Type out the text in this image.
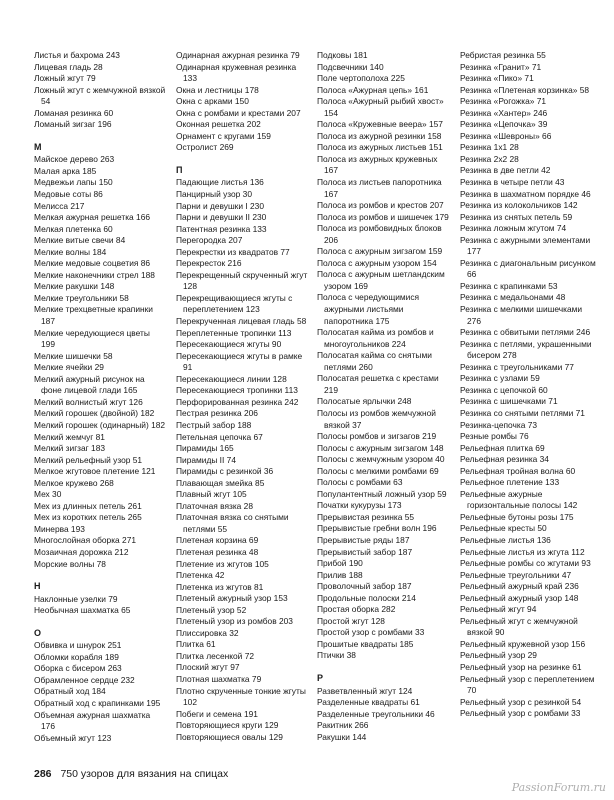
Листья и бахрома 243
Лицевая гладь 28
Ложный жгут 79
Ложный жгут с жемчужной вязкой 54
Ломаная резинка 60
Ломаный зигзаг 196
М
Майское дерево 263
Малая арка 185
Медвежьи лапы 150
Медовые соты 86
Мелисса 217
Мелкая ажурная решетка 166
Мелкая плетенка 60
Мелкие витые свечи 84
Мелкие волны 184
Мелкие медовые соцветия 86
Мелкие наконечники стрел 188
Мелкие ракушки 148
Мелкие треугольники 58
Мелкие трехцветные крапинки 187
Мелкие чередующиеся цветы 199
Мелкие шишечки 58
Мелкие ячейки 29
Мелкий ажурный рисунок на фоне лицевой глади 165
Мелкий волнистый жгут 126
Мелкий горошек (двойной) 182
Мелкий горошек (одинарный) 182
Мелкий жемчуг 81
Мелкий зигзаг 183
Мелкий рельефный узор 51
Мелкое жгутовое плетение 121
Мелкое кружево 268
Мех 30
Мех из длинных петель 261
Мех из коротких петель 265
Минерва 193
Многослойная оборка 271
Мозаичная дорожка 212
Морские волны 78
Н
Наклонные узелки 79
Необычная шахматка 65
О
Обвивка и шнурок 251
Обломки корабля 189
Оборка с бисером 263
Обрамленное сердце 232
Обратный ход 184
Обратный ход с крапинками 195
Объемная ажурная шахматка 176
Объемный жгут 123
Одинарная ажурная резинка 79
Одинарная кружевная резинка 133
Окна и лестницы 178
Окна с арками 150
Окна с ромбами и крестами 207
Оконная решетка 202
Орнамент с кругами 159
Остролист 269
П
Падающие листья 136
Панцирный узор 30
Парни и девушки I 230
Парни и девушки II 230
Патентная резинка 133
Перегородка 207
Перекрестки из квадратов 77
Перекресток 216
Перекрещенный скрученный жгут 128
Перекрещивающиеся жгуты с переплетением 123
Перекрученная лицевая гладь 58
Переплетенные тропинки 113
Пересекающиеся жгуты 90
Пересекающиеся жгуты в рамке 91
Пересекающиеся линии 128
Пересекающиеся тропинки 113
Перфорированная резинка 242
Пестрая резинка 206
Пестрый забор 188
Петельная цепочка 67
Пирамиды 165
Пирамиды II 74
Пирамиды с резинкой 36
Плавающая змейка 85
Плавный жгут 105
Платочная вязка 28
Платочная вязка со снятыми петлями 55
Плетеная корзина 69
Плетеная резинка 48
Плетение из жгутов 105
Плетенка 42
Плетенка из жгутов 81
Плетеный ажурный узор 153
Плетеный узор 52
Плетеный узор из ромбов 203
Плиссировка 32
Плитка 61
Плитка лесенкой 72
Плоский жгут 97
Плотная шахматка 79
Плотно скрученные тонкие жгуты 102
Побеги и семена 191
Повторяющиеся круги 129
Повторяющиеся овалы 129
Подковы 181
Подсвечники 140
Поле чертополоха 225
Полоса «Ажурная цепь» 161
Полоса «Ажурный рыбий хвост» 154
Полоса «Кружевные веера» 157
Полоса из ажурной резинки 158
Полоса из ажурных листьев 151
Полоса из ажурных кружевных 167
Полоса из листьев папоротника 167
Полоса из ромбов и крестов 207
Полоса из ромбов и шишечек 179
Полоса из ромбовидных блоков 206
Полоса с ажурным зигзагом 159
Полоса с ажурным узором 154
Полоса с ажурным шетландским узором 169
Полоса с чередующимися ажурными листьями папоротника 175
Полосатая кайма из ромбов и многоугольников 224
Полосатая кайма со снятыми петлями 260
Полосатая решетка с крестами 219
Полосатые ярлычки 248
Полосы из ромбов жемчужной вязкой 37
Полосы ромбов и зигзагов 219
Полосы с ажурным зигзагом 148
Полосы с жемчужным узором 40
Полосы с мелкими ромбами 69
Полосы с ромбами 63
Популантентный ложный узор 59
Початки кукурузы 173
Прерывистая резинка 55
Прерывистые гребни волн 196
Прерывистые ряды 187
Прерывистый забор 187
Прибой 190
Прилив 188
Проволочный забор 187
Продольные полоски 214
Простая оборка 282
Простой жгут 128
Простой узор с ромбами 33
Прошитые квадраты 185
Птички 38
Р
Разветвленный жгут 124
Разделенные квадраты 61
Разделенные треугольники 46
Ракитник 266
Ракушки 144
Ребристая резинка 55
Резинка «Гранит» 71
Резинка «Пико» 71
Резинка «Плетеная корзинка» 58
Резинка «Рогожка» 71
Резинка «Хантер» 246
Резинка «Цепочка» 39
Резинка «Шевроны» 66
Резинка 1x1 28
Резинка 2x2 28
Резинка в две петли 42
Резинка в четыре петли 43
Резинка в шахматном порядке 46
Резинка из колокольчиков 142
Резинка из снятых петель 59
Резинка ложным жгутом 74
Резинка с ажурными элементами 177
Резинка с диагональным рисунком 66
Резинка с крапинками 53
Резинка с медальонами 48
Резинка с мелкими шишечками 276
Резинка с обвитыми петлями 246
Резинка с петлями, украшенными бисером 278
Резинка с треугольниками 77
Резинка с узлами 59
Резинка с цепочкой 60
Резинка с шишечками 71
Резинка со снятыми петлями 71
Резинка-цепочка 73
Резные ромбы 76
Рельефная плитка 69
Рельефная резинка 34
Рельефная тройная волна 60
Рельефное плетение 133
Рельефные ажурные горизонтальные полосы 142
Рельефные бутоны розы 175
Рельефные кресты 50
Рельефные листья 136
Рельефные листья из жгута 112
Рельефные ромбы со жгутами 93
Рельефные треугольники 47
Рельефный ажурный край 236
Рельефный ажурный узор 148
Рельефный жгут 94
Рельефный жгут с жемчужной вязкой 90
Рельефный кружевной узор 156
Рельефный узор 29
Рельефный узор на резинке 61
Рельефный узор с переплетением 70
Рельефный узор с резинкой 54
Рельефный узор с ромбами 33
286 750 узоров для вязания на спицах
PassionForum.ru
